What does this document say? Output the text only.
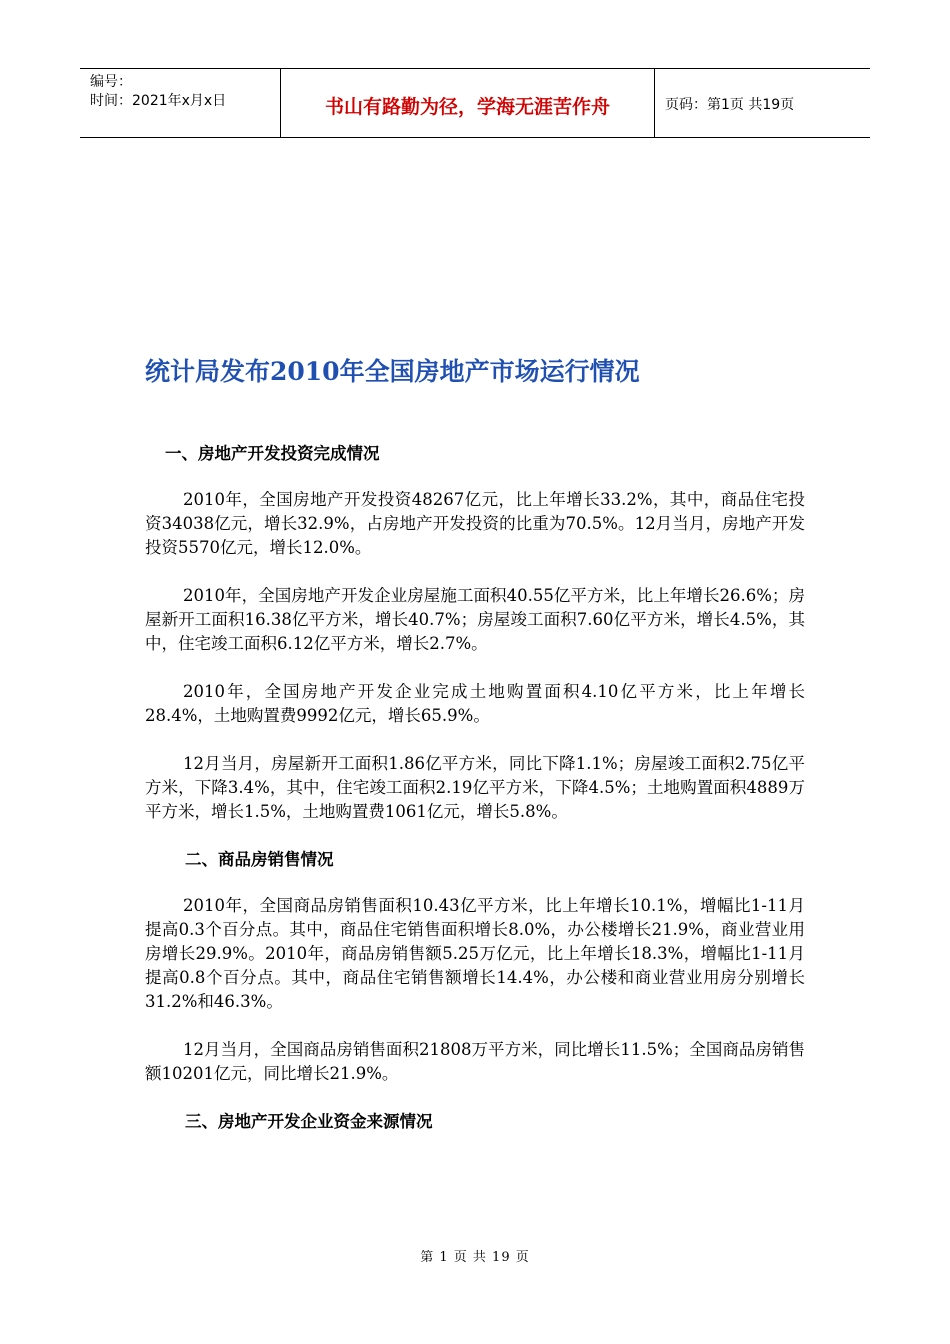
编号：
时间：2021年x月x日	书山有路勤为径，学海无涯苦作舟	页码：第1页 共19页
统计局发布2010年全国房地产市场运行情况
一、房地产开发投资完成情况

2010年，全国房地产开发投资48267亿元，比上年增长33.2%，其中，商品住宅投资34038亿元，增长32.9%，占房地产开发投资的比重为70.5%。12月当月，房地产开发投资5570亿元，增长12.0%。

2010年，全国房地产开发企业房屋施工面积40.55亿平方米，比上年增长26.6%；房屋新开工面积16.38亿平方米，增长40.7%；房屋竣工面积7.60亿平方米，增长4.5%，其中，住宅竣工面积6.12亿平方米，增长2.7%。

2010年，全国房地产开发企业完成土地购置面积4.10亿平方米，比上年增长28.4%，土地购置费9992亿元，增长65.9%。

12月当月，房屋新开工面积1.86亿平方米，同比下降1.1%；房屋竣工面积2.75亿平方米，下降3.4%，其中，住宅竣工面积2.19亿平方米，下降4.5%；土地购置面积4889万平方米，增长1.5%，土地购置费1061亿元，增长5.8%。

二、商品房销售情况

2010年，全国商品房销售面积10.43亿平方米，比上年增长10.1%，增幅比1-11月提高0.3个百分点。其中，商品住宅销售面积增长8.0%，办公楼增长21.9%，商业营业用房增长29.9%。2010年，商品房销售额5.25万亿元，比上年增长18.3%，增幅比1-11月提高0.8个百分点。其中，商品住宅销售额增长14.4%，办公楼和商业营业用房分别增长31.2%和46.3%。

12月当月，全国商品房销售面积21808万平方米，同比增长11.5%；全国商品房销售额10201亿元，同比增长21.9%。

三、房地产开发企业资金来源情况
第 1 页 共 19 页
